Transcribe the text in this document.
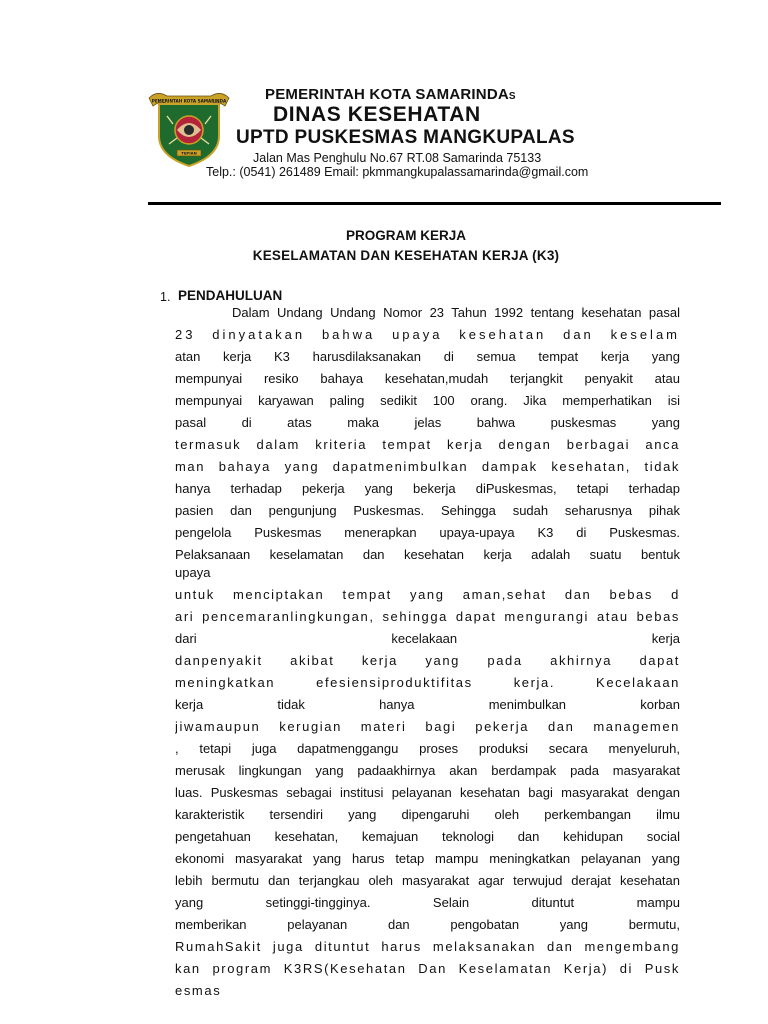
PEMERINTAH KOTA SAMARINDA
TEPIAN
PEMERINTAH KOTA SAMARINDAS
DINAS KESEHATAN
UPTD PUSKESMAS MANGKUPALAS
Jalan Mas Penghulu No.67 RT.08 Samarinda 75133
Telp.: (0541) 261489 Email: pkmmangkupalassamarinda@gmail.com
PROGRAM KERJA
KESELAMATAN DAN KESEHATAN KERJA (K3)
1. PENDAHULUAN
Dalam Undang Undang Nomor 23 Tahun 1992 tentang kesehatan pasal
23 dinyatakan bahwa upaya kesehatan dan keselam
atan kerja K3 harusdilaksanakan di semua tempat kerja yang
mempunyai resiko bahaya kesehatan,mudah terjangkit penyakit atau
mempunyai karyawan paling sedikit 100 orang. Jika memperhatikan isi
pasal di atas maka jelas bahwa puskesmas yang
termasuk dalam kriteria tempat kerja dengan berbagai anca
man bahaya yang dapatmenimbulkan dampak kesehatan, tidak
hanya terhadap pekerja yang bekerja diPuskesmas, tetapi terhadap
pasien dan pengunjung Puskesmas. Sehingga sudah seharusnya pihak
pengelola Puskesmas menerapkan upaya-upaya K3 di Puskesmas.
Pelaksanaan keselamatan dan kesehatan kerja adalah suatu bentuk
upaya
untuk menciptakan tempat yang aman,sehat dan bebas d
ari pencemaranlingkungan, sehingga dapat mengurangi atau bebas
dari kecelakaan kerja
danpenyakit akibat kerja yang pada akhirnya dapat
meningkatkan efesiensiproduktifitas kerja. Kecelakaan
kerja tidak hanya menimbulkan korban
jiwamaupun kerugian materi bagi pekerja dan managemen
, tetapi juga dapatmenggangu proses produksi secara menyeluruh,
merusak lingkungan yang padaakhirnya akan berdampak pada masyarakat
luas. Puskesmas sebagai institusi pelayanan kesehatan bagi masyarakat dengan
karakteristik tersendiri yang dipengaruhi oleh perkembangan ilmu
pengetahuan kesehatan, kemajuan teknologi dan kehidupan social
ekonomi masyarakat yang harus tetap mampu meningkatkan pelayanan yang
lebih bermutu dan terjangkau oleh masyarakat agar terwujud derajat kesehatan
yang setinggi-tingginya. Selain dituntut mampu
memberikan pelayanan dan pengobatan yang bermutu,
RumahSakit juga dituntut harus melaksanakan dan mengembang
kan program K3RS(Kesehatan Dan Keselamatan Kerja) di Pusk
esmas
